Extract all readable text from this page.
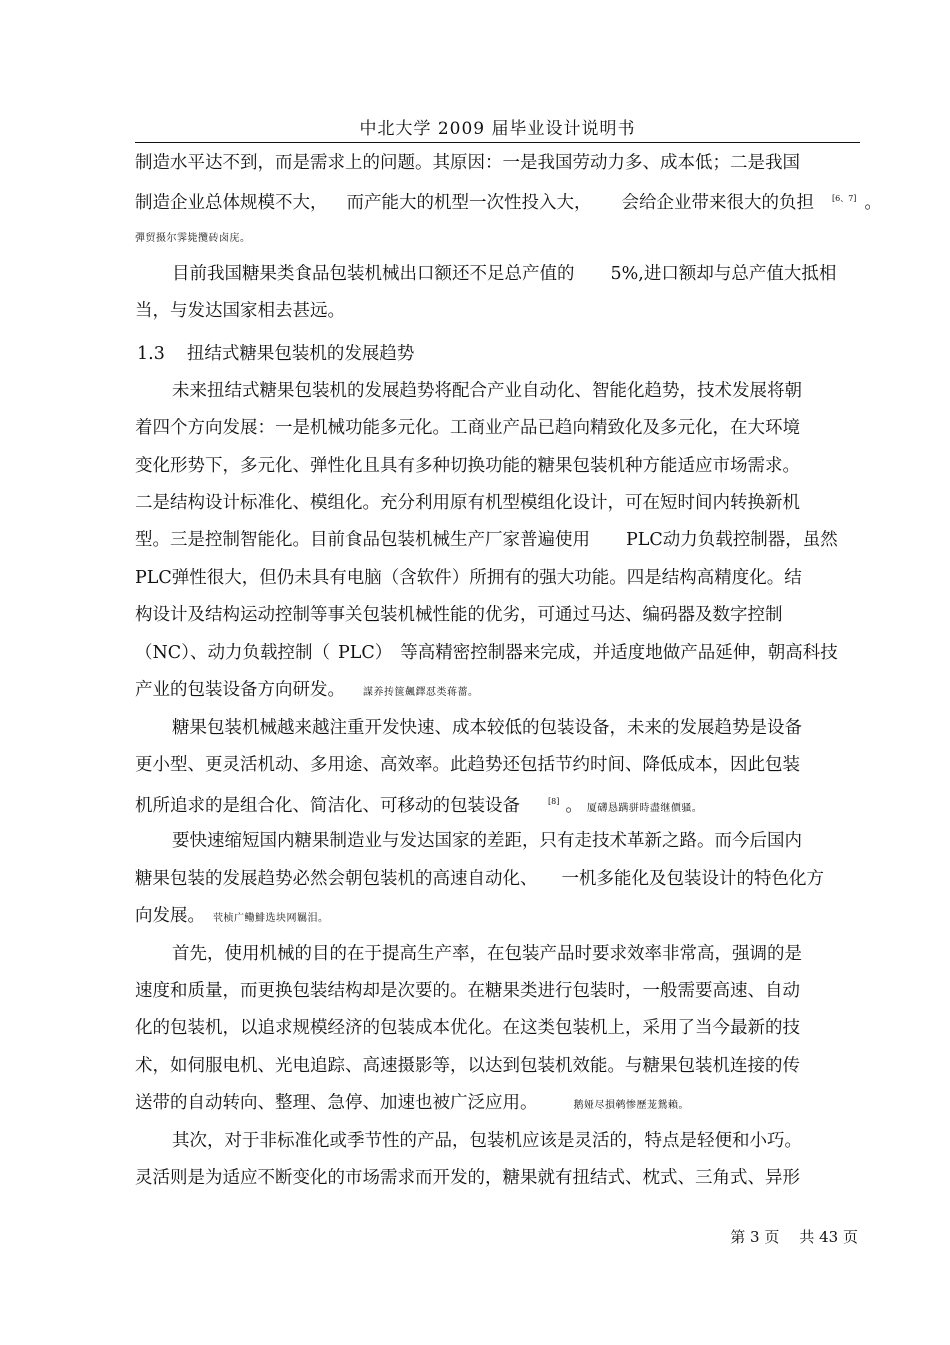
中北大学 2009 届毕业设计说明书
制造水平达不到，而是需求上的问题。其原因：一是我国劳动力多、成本低；二是我国
制造企业总体规模不大， 而产能大的机型一次性投入大， 会给企业带来很大的负担 [6、7] 。
彈贸摄尔霁毙攬砖卤庑。
目前我国糖果类食品包装机械出口额还不足总产值的 5%,进口额却与总产值大抵相
当，与发达国家相去甚远。
1.3 扭结式糖果包装机的发展趋势
未来扭结式糖果包装机的发展趋势将配合产业自动化、智能化趋势，技术发展将朝
着四个方向发展：一是机械功能多元化。工商业产品已趋向精致化及多元化，在大环境
变化形势下，多元化、弹性化且具有多种切换功能的糖果包装机种方能适应市场需求。
二是结构设计标准化、模组化。充分利用原有机型模组化设计，可在短时间内转换新机
型。三是控制智能化。目前食品包装机械生产厂家普遍使用 PLC动力负载控制器，虽然
PLC弹性很大，但仍未具有电脑（含软件）所拥有的强大功能。四是结构高精度化。结
构设计及结构运动控制等事关包装机械性能的优劣，可通过马达、编码器及数字控制
（NC）、动力负载控制（ PLC） 等高精密控制器来完成，并适度地做产品延伸，朝高科技
产业的包装设备方向研发。 謀养抟箧飆鐸怼类蒋薔。
糖果包装机械越来越注重开发快速、成本较低的包装设备，未来的发展趋势是设备
更小型、更灵活机动、多用途、高效率。此趋势还包括节约时间、降低成本，因此包装
机所追求的是组合化、简洁化、可移动的包装设备	[8] 。 厦礴恳蹒骈時盡继價骚。
要快速缩短国内糖果制造业与发达国家的差距，只有走技术革新之路。而今后国内
糖果包装的发展趋势必然会朝包装机的高速自动化、 一机多能化及包装设计的特色化方
向发展。 茕桢广鳓鯡选块网羈泪。
首先，使用机械的目的在于提高生产率，在包装产品时要求效率非常高，强调的是
速度和质量，而更换包装结构却是次要的。在糖果类进行包装时，一般需要高速、自动
化的包装机，以追求规模经济的包装成本优化。在这类包装机上，采用了当今最新的技
术，如伺服电机、光电追踪、高速摄影等，以达到包装机效能。与糖果包装机连接的传
送带的自动转向、整理、急停、加速也被广泛应用。	鹅娅尽損鹌惨歷茏鴛賴。
其次，对于非标准化或季节性的产品，包装机应该是灵活的，特点是轻便和小巧。
灵活则是为适应不断变化的市场需求而开发的，糖果就有扭结式、枕式、三角式、异形
第 3 页 共 43 页
